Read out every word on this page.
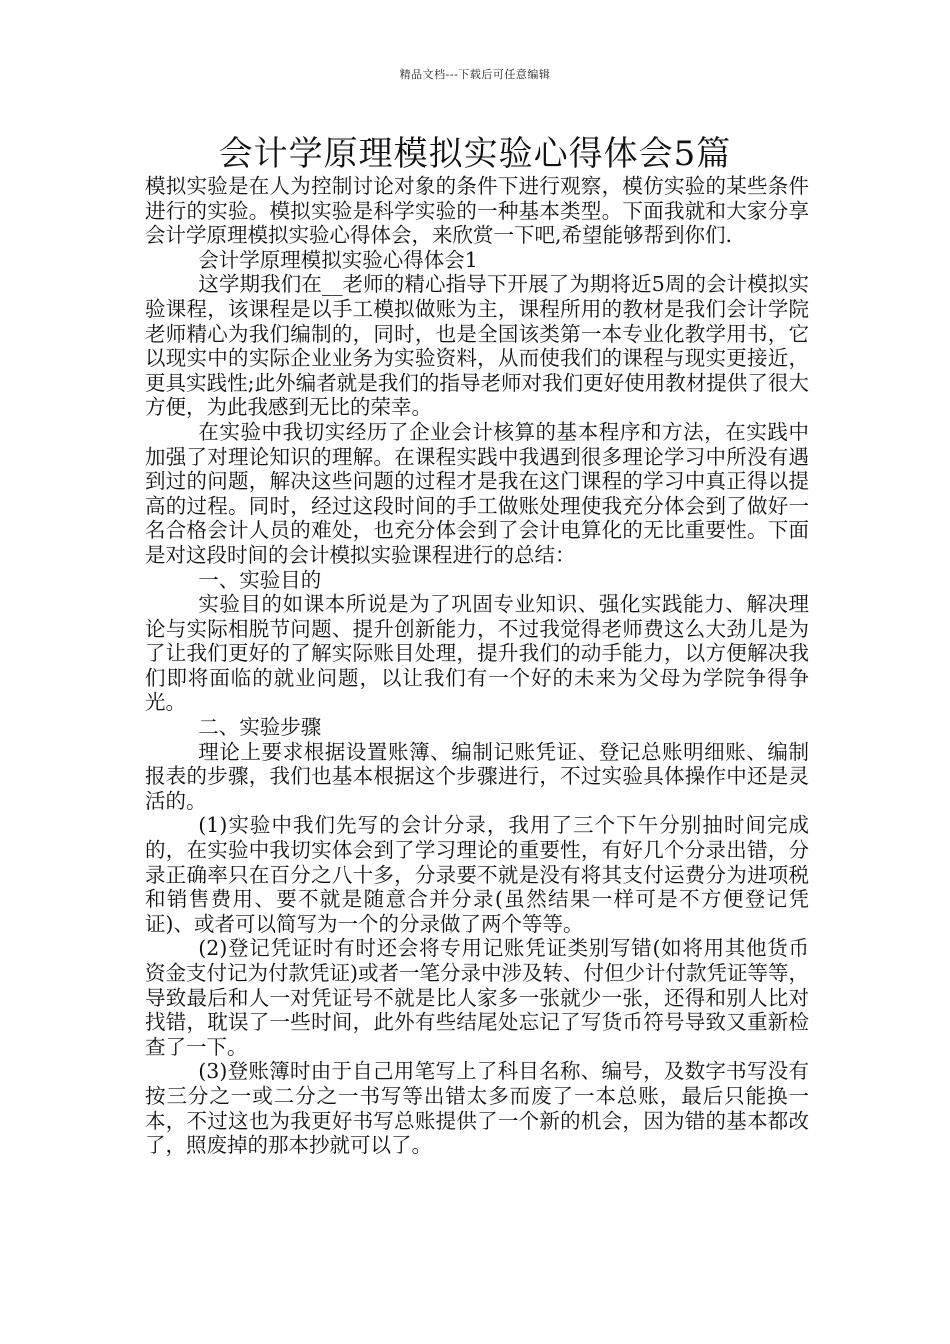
精品文档---下载后可任意编辑
会计学原理模拟实验心得体会5篇

模拟实验是在人为控制讨论对象的条件下进行观察，模仿实验的某些条件进行的实验。模拟实验是科学实验的一种基本类型。下面我就和大家分享会计学原理模拟实验心得体会，来欣赏一下吧,希望能够帮到你们.

会计学原理模拟实验心得体会1

这学期我们在__老师的精心指导下开展了为期将近5周的会计模拟实验课程，该课程是以手工模拟做账为主，课程所用的教材是我们会计学院老师精心为我们编制的，同时，也是全国该类第一本专业化教学用书，它以现实中的实际企业业务为实验资料，从而使我们的课程与现实更接近，更具实践性;此外编者就是我们的指导老师对我们更好使用教材提供了很大方便，为此我感到无比的荣幸。

在实验中我切实经历了企业会计核算的基本程序和方法，在实践中加强了对理论知识的理解。在课程实践中我遇到很多理论学习中所没有遇到过的问题，解决这些问题的过程才是我在这门课程的学习中真正得以提高的过程。同时，经过这段时间的手工做账处理使我充分体会到了做好一名合格会计人员的难处，也充分体会到了会计电算化的无比重要性。下面是对这段时间的会计模拟实验课程进行的总结：

一、实验目的

实验目的如课本所说是为了巩固专业知识、强化实践能力、解决理论与实际相脱节问题、提升创新能力，不过我觉得老师费这么大劲儿是为了让我们更好的了解实际账目处理，提升我们的动手能力，以方便解决我们即将面临的就业问题，以让我们有一个好的未来为父母为学院争得争光。

二、实验步骤

理论上要求根据设置账簿、编制记账凭证、登记总账明细账、编制报表的步骤，我们也基本根据这个步骤进行，不过实验具体操作中还是灵活的。

(1)实验中我们先写的会计分录，我用了三个下午分别抽时间完成的，在实验中我切实体会到了学习理论的重要性，有好几个分录出错，分录正确率只在百分之八十多，分录要不就是没有将其支付运费分为进项税和销售费用、要不就是随意合并分录(虽然结果一样可是不方便登记凭证)、或者可以简写为一个的分录做了两个等等。

(2)登记凭证时有时还会将专用记账凭证类别写错(如将用其他货币资金支付记为付款凭证)或者一笔分录中涉及转、付但少计付款凭证等等，导致最后和人一对凭证号不就是比人家多一张就少一张，还得和别人比对找错，耽误了一些时间，此外有些结尾处忘记了写货币符号导致又重新检查了一下。

(3)登账簿时由于自己用笔写上了科目名称、编号，及数字书写没有按三分之一或二分之一书写等出错太多而废了一本总账，最后只能换一本，不过这也为我更好书写总账提供了一个新的机会，因为错的基本都改了，照废掉的那本抄就可以了。
